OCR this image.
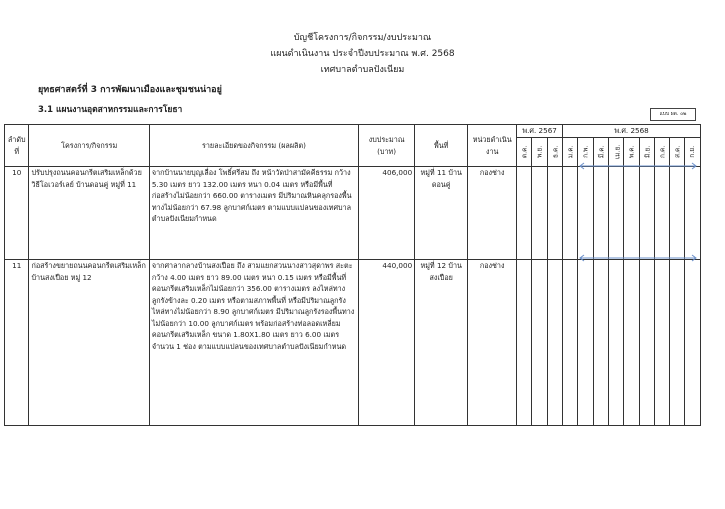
บัญชีโครงการ/กิจกรรม/งบประมาณ
แผนดำเนินงาน ประจำปีงบประมาณ พ.ศ. 2568
เทศบาลตำบลปังเนียม
ยุทธศาสตร์ที่ 3 การพัฒนาเมืองและชุมชนน่าอยู่
3.1 แผนงานอุตสาหกรรมและการโยธา	แบบ ผด. ๐๒
ลำดับที่	โครงการ/กิจกรรม	รายละเอียดของกิจกรรม (ผลผลิต)	งบประมาณ (บาท)	พื้นที่	หน่วยดำเนินงาน	พ.ศ. 2567			พ.ศ. 2568								
						ต.ค.	พ.ย.	ธ.ค.	ม.ค.	ก.พ.	มี.ค.	เม.ย.	พ.ค.	มิ.ย.	ก.ค.	ส.ค.	ก.ย.
10	ปรับปรุงถนนคอนกรีตเสริมเหล็กด้วยวิธีโอเวอร์เลย์ บ้านดอนคู่ หมู่ที่ 11	จากบ้านนายบุญเลื่อง โพธิ์ศรีสม ถึง หน้าวัดป่าสามัคคีธรรม กว้าง 5.30 เมตร ยาว 132.00 เมตร หนา 0.04 เมตร หรือมีพื้นที่ก่อสร้างไม่น้อยกว่า 660.00 ตารางเมตร มีปริมาณหินคลุกรองพื้นทางไม่น้อยกว่า 67.98 ลูกบาศก์เมตร ตามแบบแปลนของเทศบาลตำบลปังเนียมกำหนด	406,000	หมู่ที่ 11 บ้านดอนคู่	กองช่าง												
11	ก่อสร้างขยายถนนคอนกรีตเสริมเหล็กบ้านสงเปือย หมู่ 12	จากศาลากลางบ้านสงเปือย ถึง สามแยกสวนนางสาวสุดาพร สะตะ กว้าง 4.00 เมตร ยาว 89.00 เมตร หนา 0.15 เมตร หรือมีพื้นที่คอนกรีตเสริมเหล็กไม่น้อยกว่า 356.00 ตารางเมตร ลงไหล่ทางลูกรังข้างละ 0.20 เมตร หรือตามสภาพพื้นที่ หรือมีปริมาณลูกรังไหล่ทางไม่น้อยกว่า 8.90 ลูกบาศก์เมตร มีปริมาณลูกรังรองพื้นทางไม่น้อยกว่า 10.00 ลูกบาศก์เมตร พร้อมก่อสร้างท่อลอดเหลี่ยมคอนกรีตเสริมเหล็ก ขนาด 1.80X1.80 เมตร ยาว 6.00 เมตร จำนวน 1 ช่อง ตามแบบแปลนของเทศบาลตำบลปังเนียมกำหนด	440,000	หมู่ที่ 12 บ้านสงเปือย	กองช่าง												
